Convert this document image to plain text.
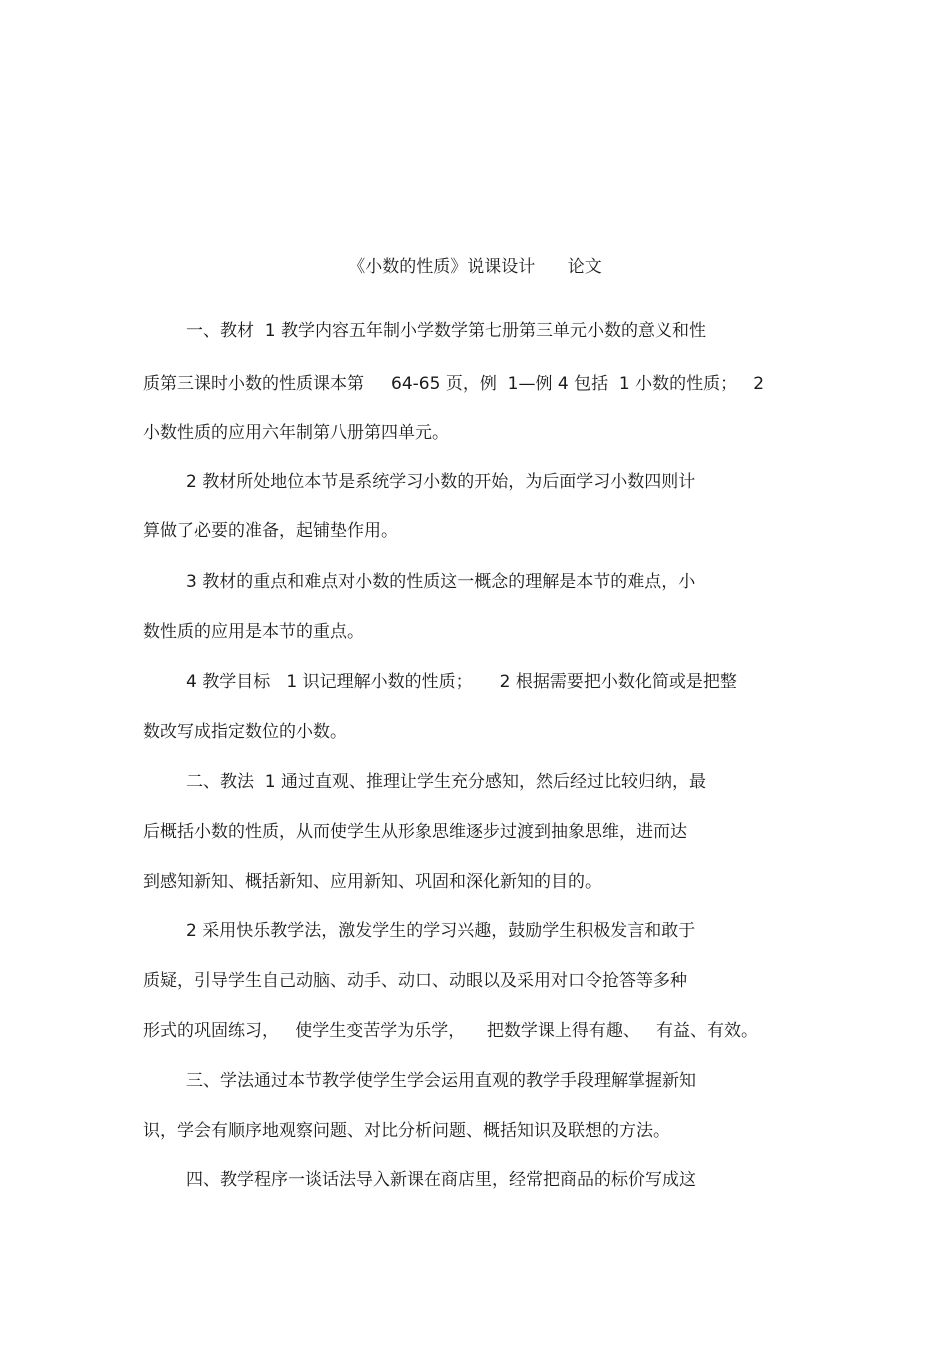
《小数的性质》说课设计      论文
一、教材  1 教学内容五年制小学数学第七册第三单元小数的意义和性
质第三课时小数的性质课本第     64-65 页，例  1—例 4 包括  1 小数的性质；   2
小数性质的应用六年制第八册第四单元。
2 教材所处地位本节是系统学习小数的开始，为后面学习小数四则计
算做了必要的准备，起铺垫作用。
3 教材的重点和难点对小数的性质这一概念的理解是本节的难点，小
数性质的应用是本节的重点。
4 教学目标   1 识记理解小数的性质；     2 根据需要把小数化简或是把整
数改写成指定数位的小数。
二、教法  1 通过直观、推理让学生充分感知，然后经过比较归纳，最
后概括小数的性质，从而使学生从形象思维逐步过渡到抽象思维，进而达
到感知新知、概括新知、应用新知、巩固和深化新知的目的。
2 采用快乐教学法，激发学生的学习兴趣，鼓励学生积极发言和敢于
质疑，引导学生自己动脑、动手、动口、动眼以及采用对口令抢答等多种
形式的巩固练习，   使学生变苦学为乐学，    把数学课上得有趣、   有益、有效。
三、学法通过本节教学使学生学会运用直观的教学手段理解掌握新知
识，学会有顺序地观察问题、对比分析问题、概括知识及联想的方法。
四、教学程序一谈话法导入新课在商店里，经常把商品的标价写成这
